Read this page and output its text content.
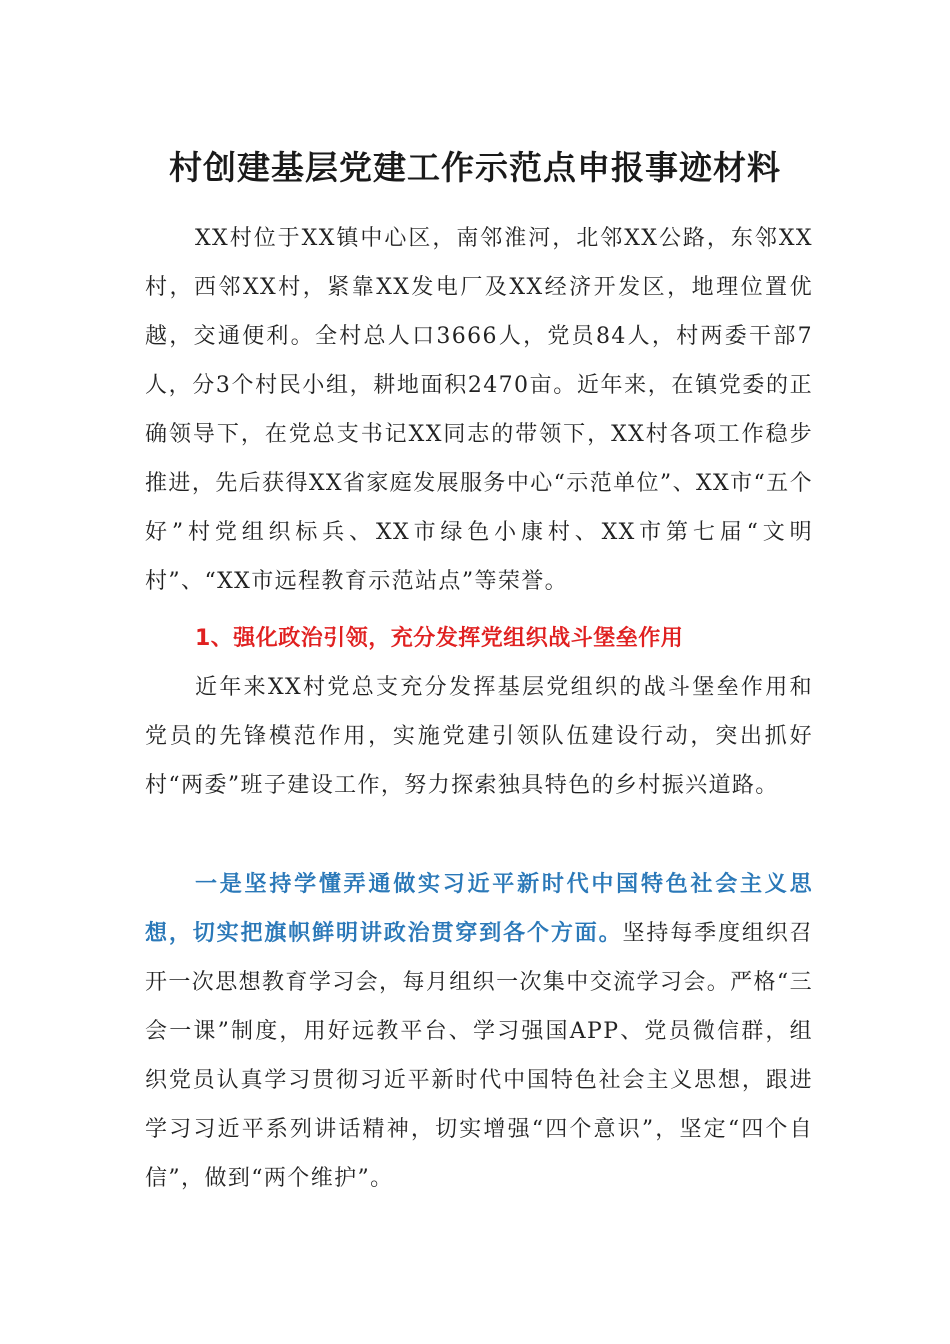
村创建基层党建工作示范点申报事迹材料

XX村位于XX镇中心区，南邻淮河，北邻XX公路，东邻XX村，西邻XX村，紧靠XX发电厂及XX经济开发区，地理位置优越，交通便利。全村总人口3666人，党员84人，村两委干部7人，分3个村民小组，耕地面积2470亩。近年来，在镇党委的正确领导下，在党总支书记XX同志的带领下，XX村各项工作稳步推进，先后获得XX省家庭发展服务中心“示范单位”、XX市“五个好”村党组织标兵、XX市绿色小康村、XX市第七届“文明村”、“XX市远程教育示范站点”等荣誉。

1、强化政治引领，充分发挥党组织战斗堡垒作用

近年来XX村党总支充分发挥基层党组织的战斗堡垒作用和党员的先锋模范作用，实施党建引领队伍建设行动，突出抓好村“两委”班子建设工作，努力探索独具特色的乡村振兴道路。

一是坚持学懂弄通做实习近平新时代中国特色社会主义思想，切实把旗帜鲜明讲政治贯穿到各个方面。坚持每季度组织召开一次思想教育学习会，每月组织一次集中交流学习会。严格“三会一课”制度，用好远教平台、学习强国APP、党员微信群，组织党员认真学习贯彻习近平新时代中国特色社会主义思想，跟进学习习近平系列讲话精神，切实增强“四个意识”，坚定“四个自信”，做到“两个维护”。
